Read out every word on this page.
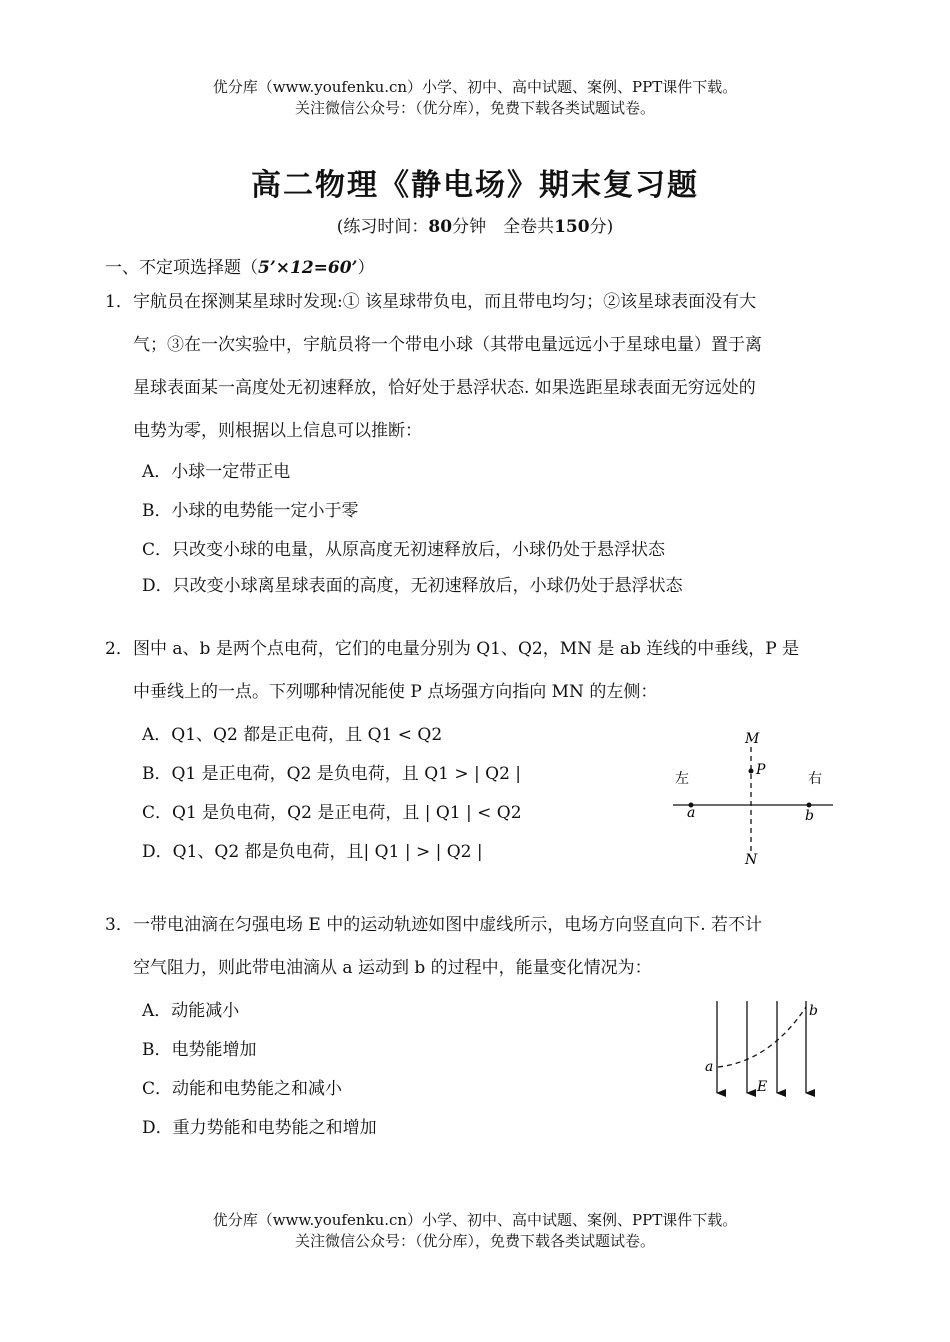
优分库（www.youfenku.cn）小学、初中、高中试题、案例、PPT课件下载。
关注微信公众号：（优分库），免费下载各类试题试卷。
高二物理《静电场》期末复习题
(练习时间：80分钟　全卷共150分)
一、不定项选择题（5’×12=60’）

1．宇航员在探测某星球时发现:① 该星球带负电，而且带电均匀；②该星球表面没有大

气；③在一次实验中，宇航员将一个带电小球（其带电量远远小于星球电量）置于离

星球表面某一高度处无初速释放，恰好处于悬浮状态. 如果选距星球表面无穷远处的

电势为零，则根据以上信息可以推断：

A．小球一定带正电
B．小球的电势能一定小于零
C．只改变小球的电量，从原高度无初速释放后，小球仍处于悬浮状态
D．只改变小球离星球表面的高度，无初速释放后，小球仍处于悬浮状态

2．图中 a、b 是两个点电荷，它们的电量分别为 Q1、Q2，MN 是 ab 连线的中垂线，P 是

中垂线上的一点。下列哪种情况能使 P 点场强方向指向 MN 的左侧：

A．Q1、Q2 都是正电荷，且 Q1 < Q2
B．Q1 是正电荷，Q2 是负电荷，且 Q1 > | Q2 |
C．Q1 是负电荷，Q2 是正电荷，且 | Q1 | < Q2
D．Q1、Q2 都是负电荷，且| Q1 | > | Q2 |
M
P
N
a	b
左	右

3．一带电油滴在匀强电场 E 中的运动轨迹如图中虚线所示，电场方向竖直向下. 若不计

空气阻力，则此带电油滴从 a 运动到 b 的过程中，能量变化情况为：

A．动能减小
B．电势能增加
C．动能和电势能之和减小
D．重力势能和电势能之和增加
a
b
E
优分库（www.youfenku.cn）小学、初中、高中试题、案例、PPT课件下载。
关注微信公众号：（优分库），免费下载各类试题试卷。
